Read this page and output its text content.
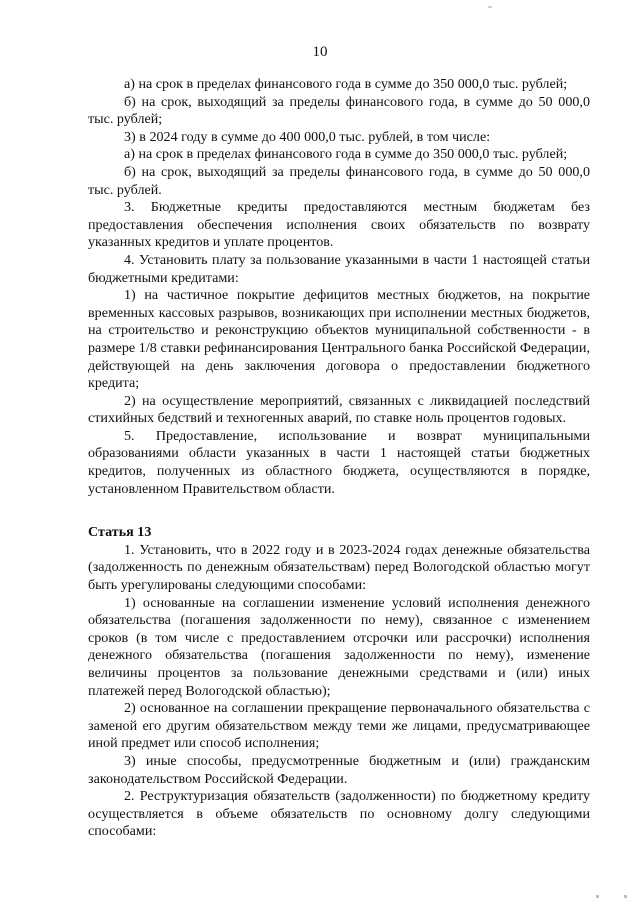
10

а) на срок в пределах финансового года в сумме до 350 000,0 тыс. рублей;

б) на срок, выходящий за пределы финансового года, в сумме до 50 000,0 тыс. рублей;

3) в 2024 году в сумме до 400 000,0 тыс. рублей, в том числе:

а) на срок в пределах финансового года в сумме до 350 000,0 тыс. рублей;

б) на срок, выходящий за пределы финансового года, в сумме до 50 000,0 тыс. рублей.

3. Бюджетные кредиты предоставляются местным бюджетам без предоставления обеспечения исполнения своих обязательств по возврату указанных кредитов и уплате процентов.

4. Установить плату за пользование указанными в части 1 настоящей статьи бюджетными кредитами:

1) на частичное покрытие дефицитов местных бюджетов, на покрытие временных кассовых разрывов, возникающих при исполнении местных бюджетов, на строительство и реконструкцию объектов муниципальной собственности - в размере 1/8 ставки рефинансирования Центрального банка Российской Федерации, действующей на день заключения договора о предоставлении бюджетного кредита;

2) на осуществление мероприятий, связанных с ликвидацией последствий стихийных бедствий и техногенных аварий, по ставке ноль процентов годовых.

5. Предоставление, использование и возврат муниципальными образованиями области указанных в части 1 настоящей статьи бюджетных кредитов, полученных из областного бюджета, осуществляются в порядке, установленном Правительством области.

Статья 13

1. Установить, что в 2022 году и в 2023-2024 годах денежные обязательства (задолженность по денежным обязательствам) перед Вологодской областью могут быть урегулированы следующими способами:

1) основанные на соглашении изменение условий исполнения денежного обязательства (погашения задолженности по нему), связанное с изменением сроков (в том числе с предоставлением отсрочки или рассрочки) исполнения денежного обязательства (погашения задолженности по нему), изменение величины процентов за пользование денежными средствами и (или) иных платежей перед Вологодской областью);

2) основанное на соглашении прекращение первоначального обязательства с заменой его другим обязательством между теми же лицами, предусматривающее иной предмет или способ исполнения;

3) иные способы, предусмотренные бюджетным и (или) гражданским законодательством Российской Федерации.

2. Реструктуризация обязательств (задолженности) по бюджетному кредиту осуществляется в объеме обязательств по основному долгу следующими способами:
